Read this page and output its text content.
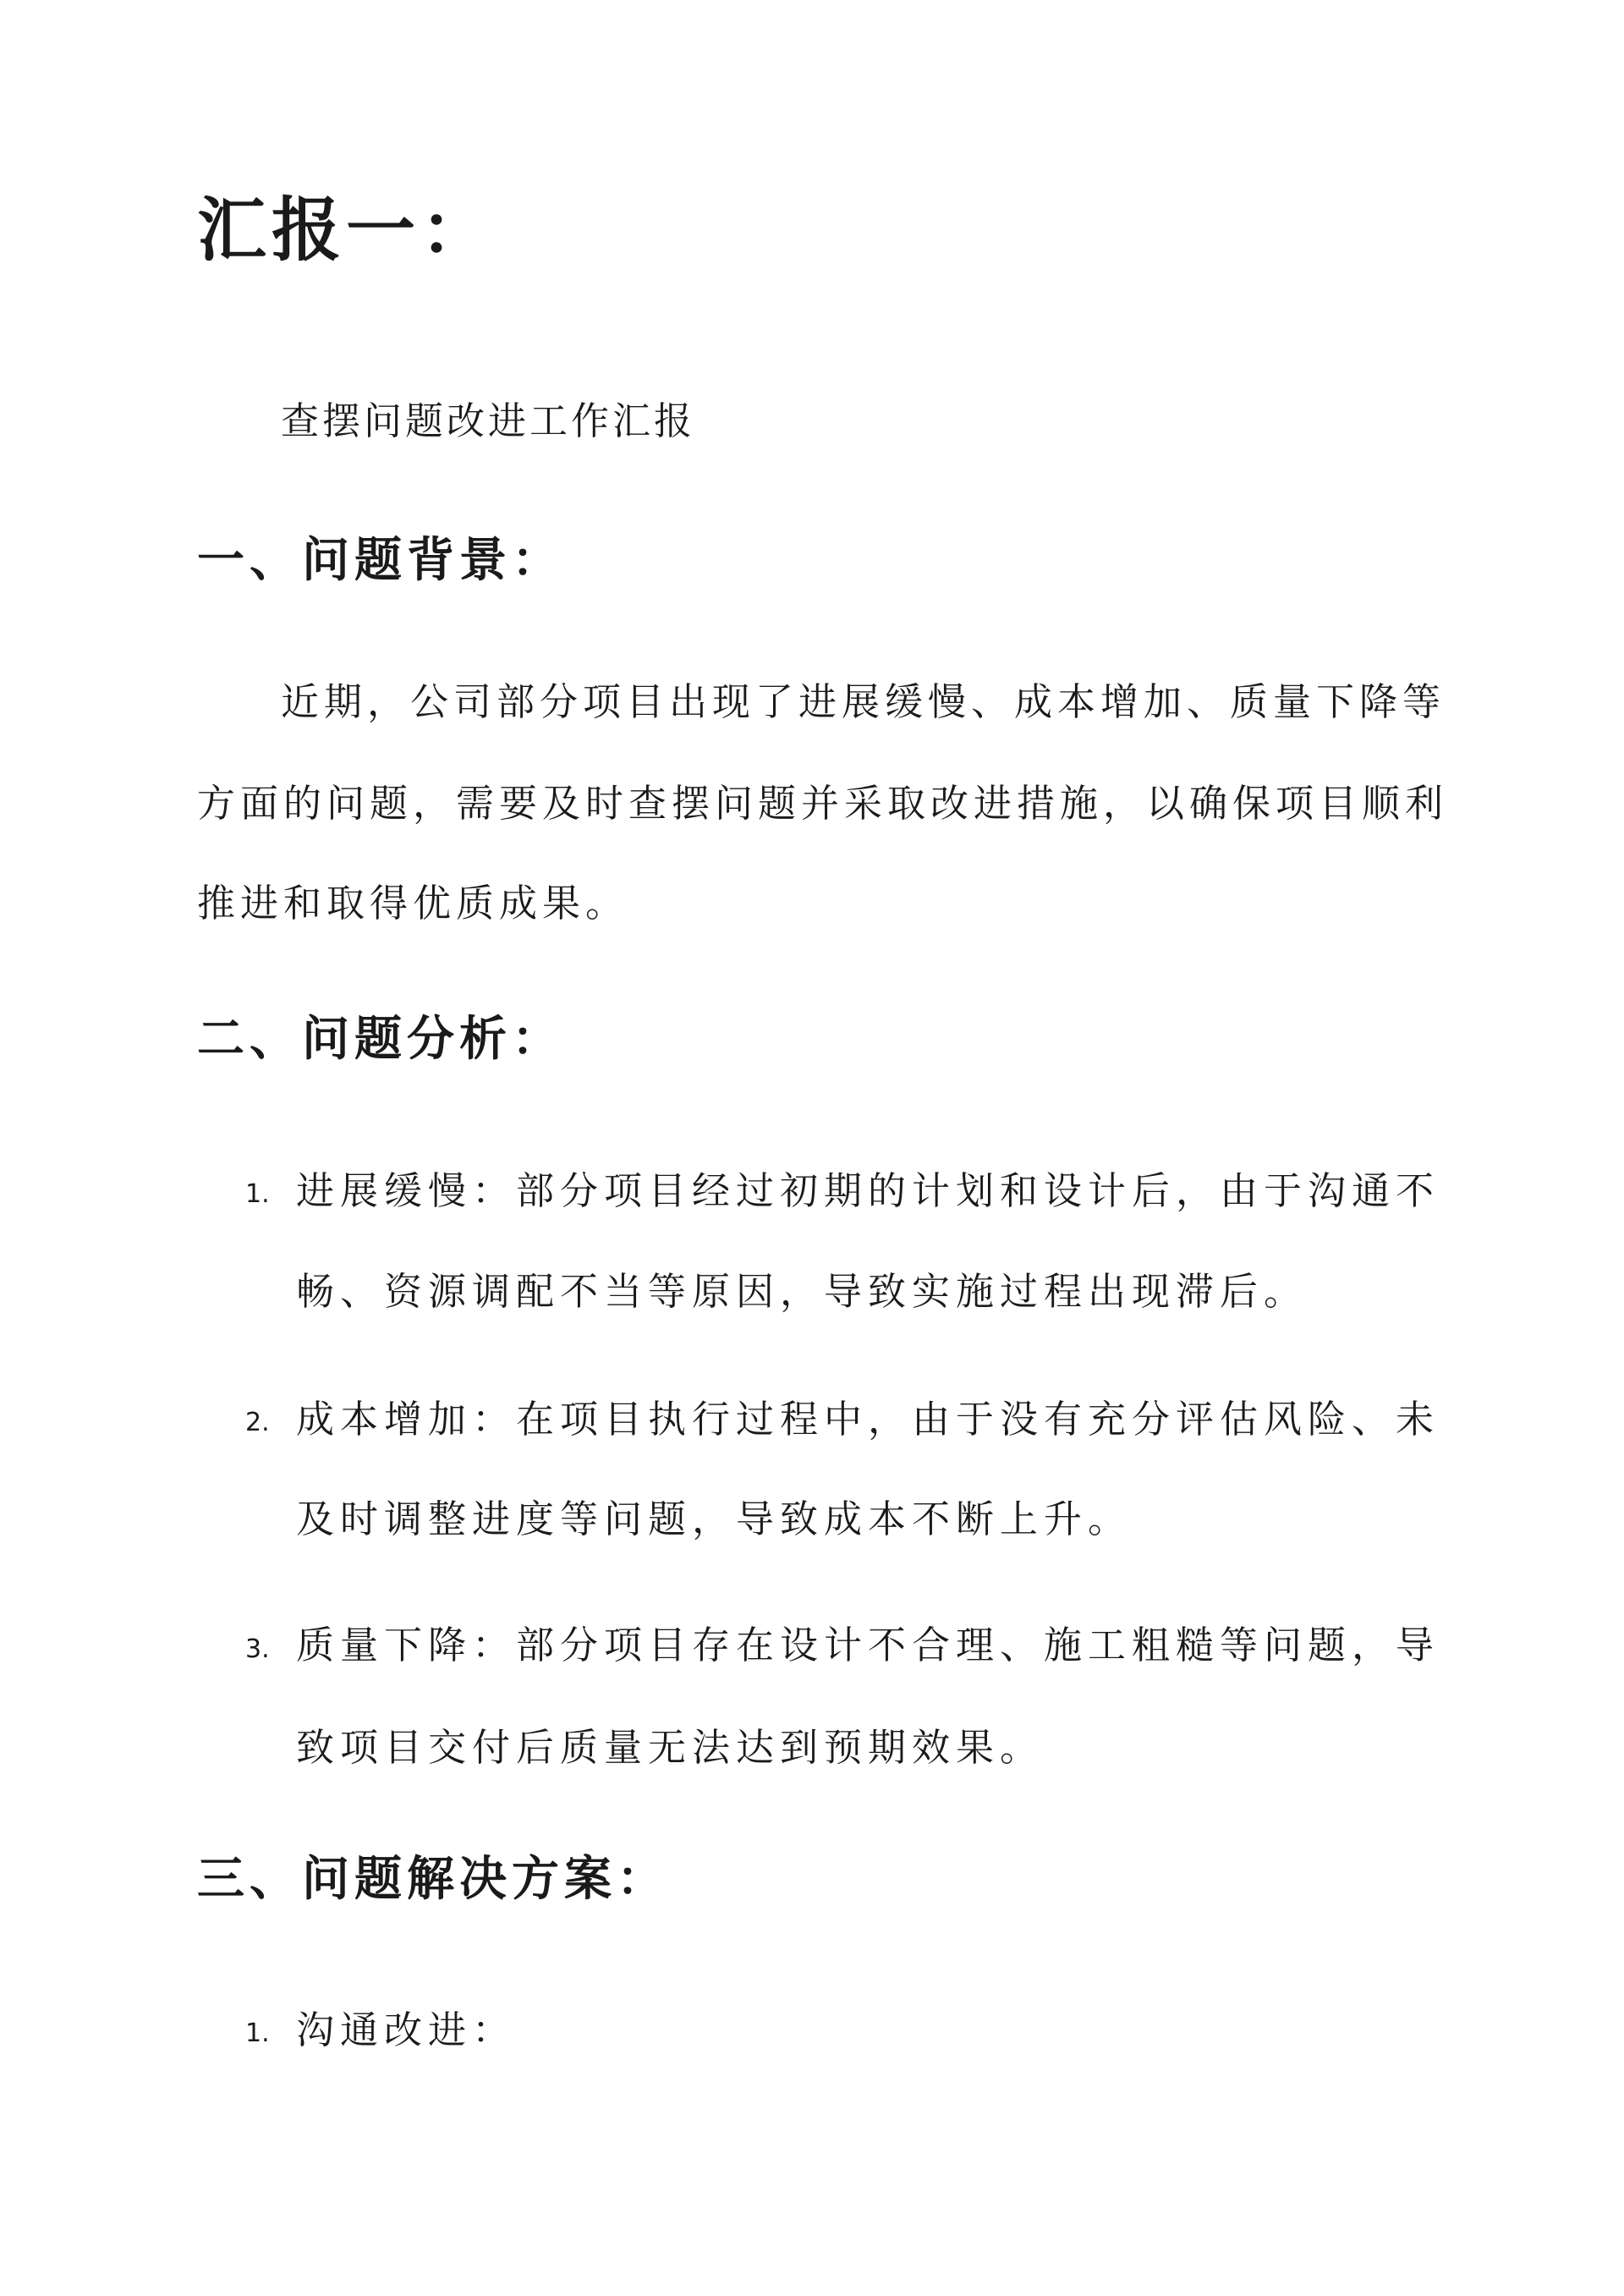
汇报一：

查摆问题改进工作汇报

一、问题背景：

近期，公司部分项目出现了进展缓慢、成本增加、质量下降等

方面的问题，需要及时查摆问题并采取改进措施，以确保项目顺利

推进和取得优质成果。

二、问题分析：
1. 进展缓慢：部分项目经过初期的计划和设计后，由于沟通不

畅、资源调配不当等原因，导致实施过程出现滞后。

2. 成本增加：在项目执行过程中，由于没有充分评估风险、未

及时调整进度等问题，导致成本不断上升。

3. 质量下降：部分项目存在设计不合理、施工粗糙等问题，导

致项目交付后质量无法达到预期效果。

三、问题解决方案：
1. 沟通改进：
